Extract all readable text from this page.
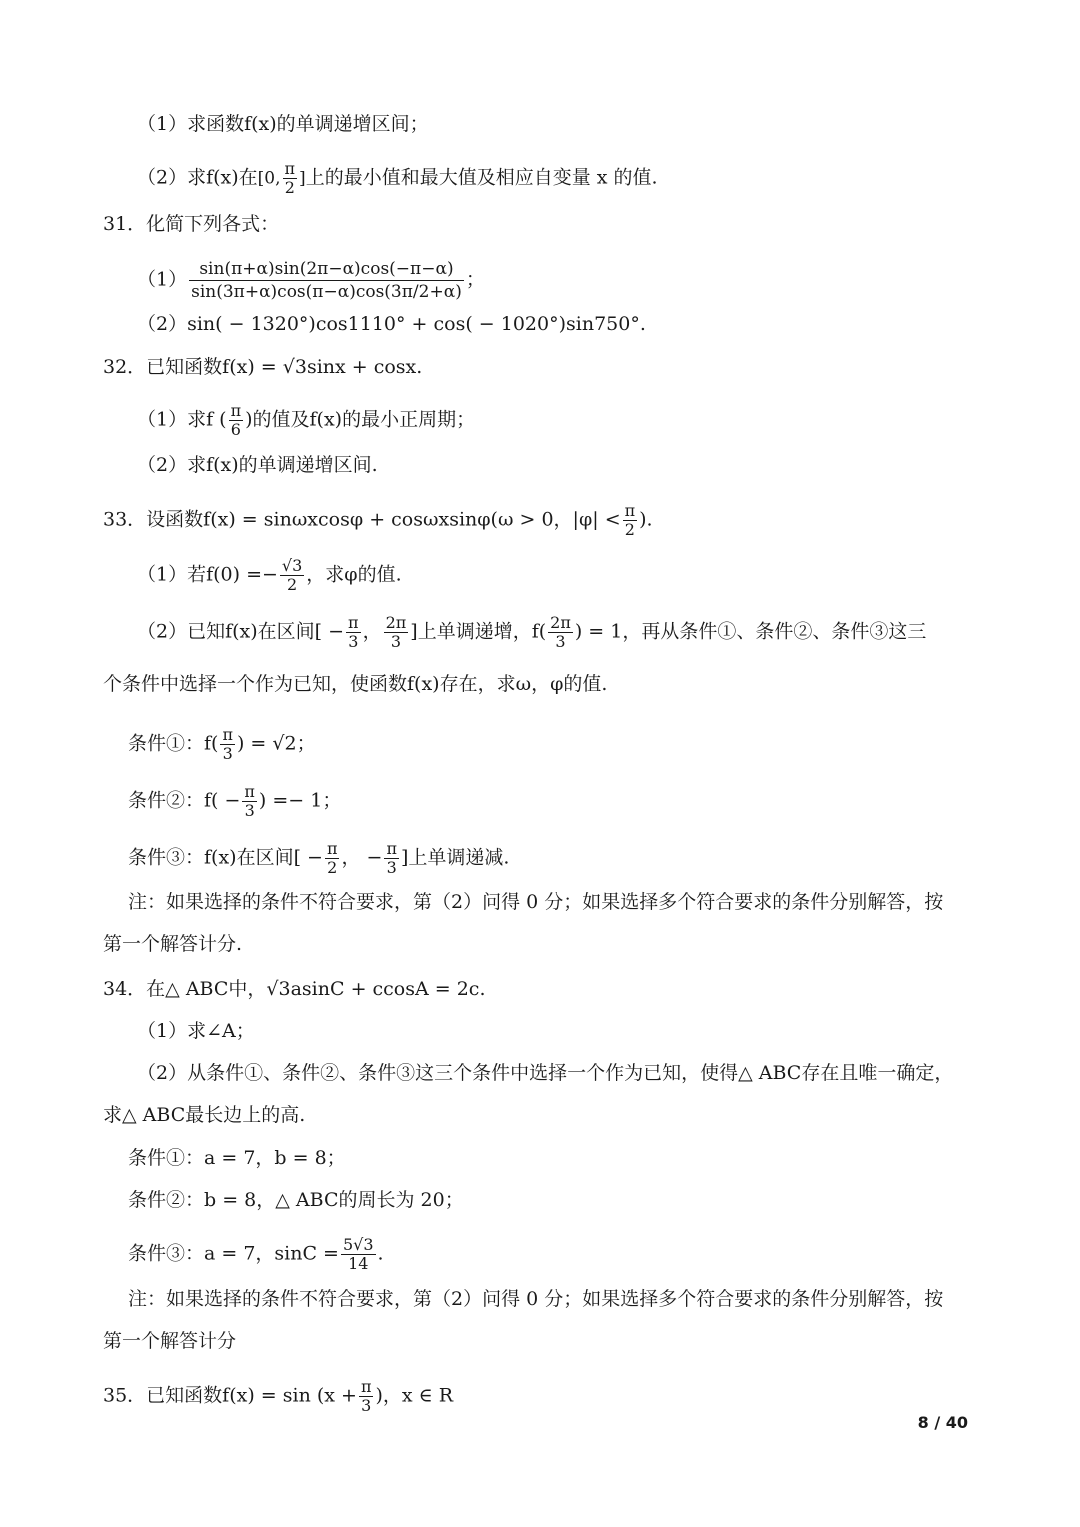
（1）求函数f(x)的单调递增区间；
（2）求f(x)在[0, $\frac{\pi}{2}$ ]上的最小值和最大值及相应自变量 x 的值.
31．化简下列各式：
$(1) \frac{\sin(\pi+\alpha)\sin(2\pi-\alpha)\cos(-\pi-\alpha)}{\sin(3\pi+\alpha)\cos(\pi-\alpha)\cos(3\pi/2+\alpha)}$ ；
（2）sin( − 1320°)cos1110° + cos( − 1020°)sin750°.
32．已知函数f(x) = √3sinx + cosx.
（1）求f ( $\frac{\pi}{6}$ )的值及f(x)的最小正周期；
（2）求f(x)的单调递增区间.
33．设函数f(x) = sinωxcosφ + cosωxsinφ(ω > 0，$|\varphi| < \frac{\pi}{2}$ ).
（1）若$f(0) =- \frac{√3}{2}$ ，求φ的值.
（2）已知f(x)在区间[ − $\frac{\pi}{3}$ ， $\frac{2\pi}{3}$ ]上单调递增，$f( \frac{2\pi}{3}$ ) = 1，再从条件①、条件②、条件③这三
个条件中选择一个作为已知，使函数f(x)存在，求ω，φ的值.
条件①：$f( \frac{\pi}{3}$ ) = √2；
条件②：$f( - \frac{\pi}{3}$ ) =− 1；
条件③：f(x)在区间[ − $\frac{\pi}{2}$ ， − $\frac{\pi}{3}$ ]上单调递减.
注：如果选择的条件不符合要求，第（2）问得 0 分；如果选择多个符合要求的条件分别解答，按
第一个解答计分.
34．在△ ABC中，√3asinC + ccosA = 2c.
（1）求∠A；
（2）从条件①、条件②、条件③这三个条件中选择一个作为已知，使得△ ABC存在且唯一确定，
求△ ABC最长边上的高.
条件①：a = 7，b = 8；
条件②：b = 8，△ ABC的周长为 20；
条件③：a = 7，$\sin C = \frac{5√3}{14}$ .
注：如果选择的条件不符合要求，第（2）问得 0 分；如果选择多个符合要求的条件分别解答，按
第一个解答计分
35．已知函数$f(x) = \sin (x + \frac{\pi}{3}$ )，x ∈ R
8 / 40
